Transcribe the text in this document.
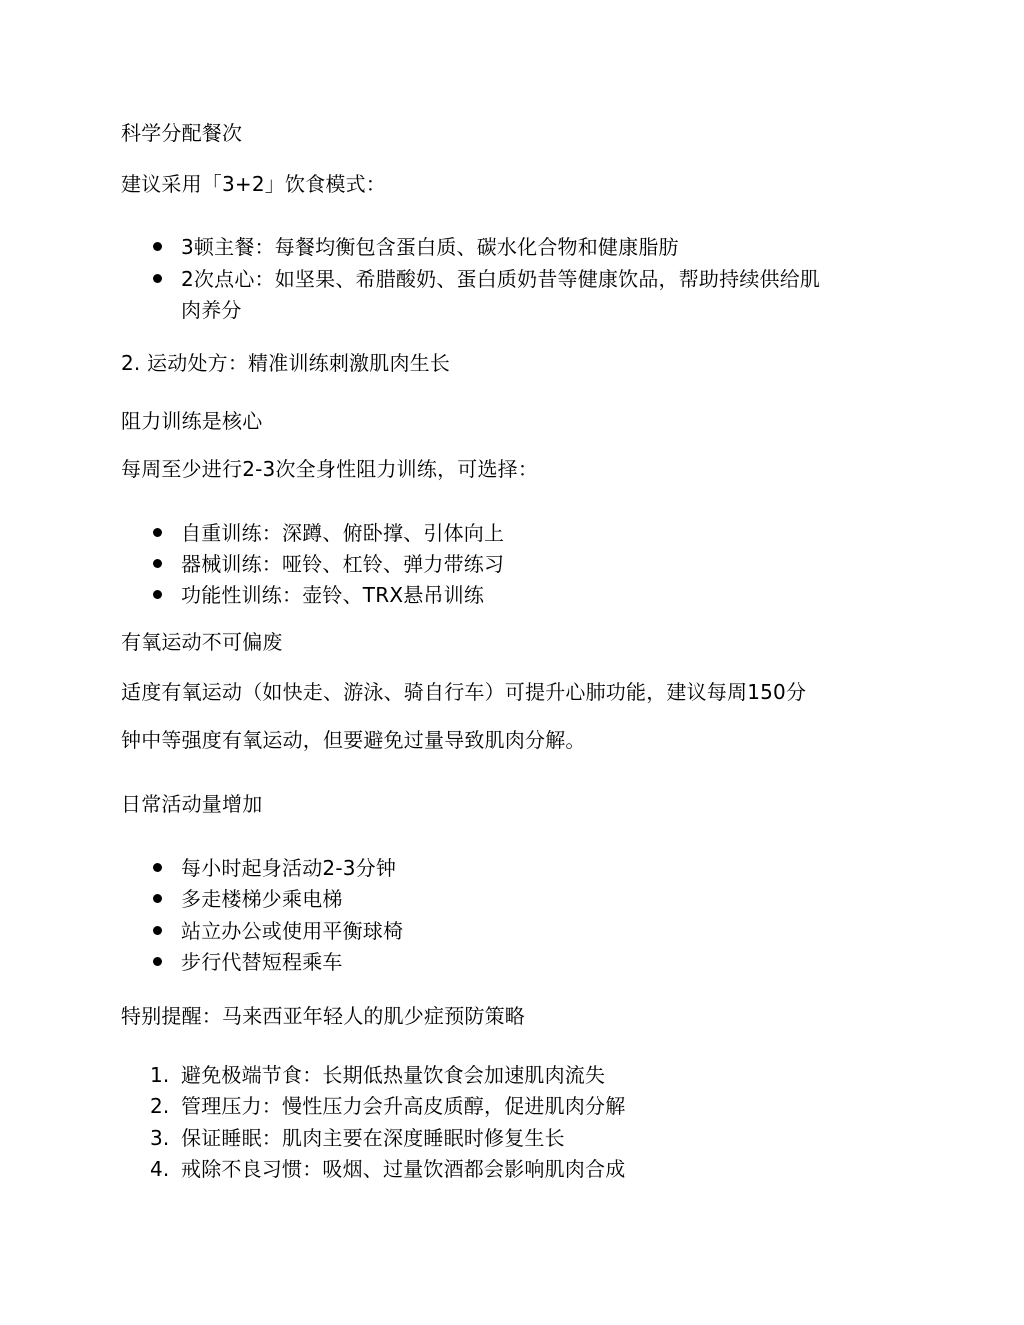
科学分配餐次
建议采用「3+2」饮食模式：
3顿主餐：每餐均衡包含蛋白质、碳水化合物和健康脂肪
2次点心：如坚果、希腊酸奶、蛋白质奶昔等健康饮品，帮助持续供给肌
肉养分
2. 运动处方：精准训练刺激肌肉生长
阻力训练是核心
每周至少进行2-3次全身性阻力训练，可选择：
自重训练：深蹲、俯卧撑、引体向上
器械训练：哑铃、杠铃、弹力带练习
功能性训练：壶铃、TRX悬吊训练
有氧运动不可偏废
适度有氧运动（如快走、游泳、骑自行车）可提升心肺功能，建议每周150分
钟中等强度有氧运动，但要避免过量导致肌肉分解。
日常活动量增加
每小时起身活动2-3分钟
多走楼梯少乘电梯
站立办公或使用平衡球椅
步行代替短程乘车
特别提醒：马来西亚年轻人的肌少症预防策略
1. 避免极端节食：长期低热量饮食会加速肌肉流失
2. 管理压力：慢性压力会升高皮质醇，促进肌肉分解
3. 保证睡眠：肌肉主要在深度睡眠时修复生长
4. 戒除不良习惯：吸烟、过量饮酒都会影响肌肉合成
